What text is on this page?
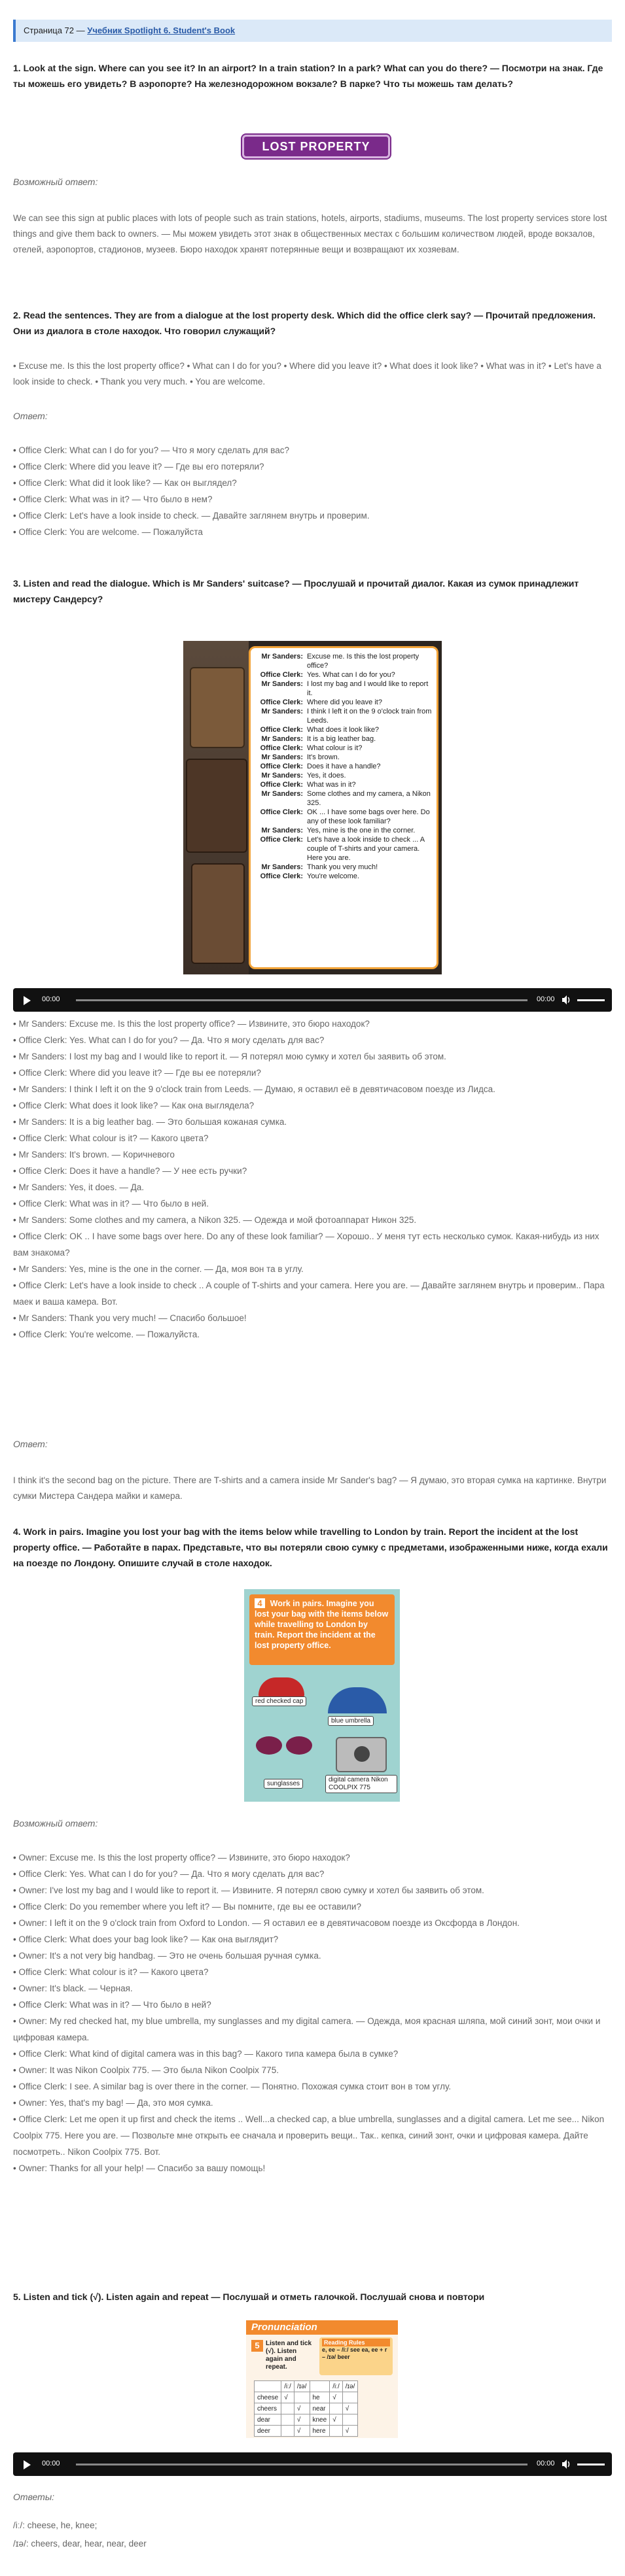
Страница 72 — Учебник Spotlight 6. Student's Book
1. Look at the sign. Where can you see it? In an airport? In a train station? In a park? What can you do there? — Посмотри на знак. Где ты можешь его увидеть? В аэропорте? На железнодорожном вокзале? В парке? Что ты можешь там делать?
LOST PROPERTY
Возможный ответ:
We can see this sign at public places with lots of people such as train stations, hotels, airports, stadiums, museums. The lost property services store lost things and give them back to owners. — Мы можем увидеть этот знак в общественных местах с большим количеством людей, вроде вокзалов, отелей, аэропортов, стадионов, музеев. Бюро находок хранят потерянные вещи и возвращают их хозяевам.
2. Read the sentences. They are from a dialogue at the lost property desk. Which did the office clerk say? — Прочитай предложения. Они из диалога в столе находок. Что говорил служащий?
• Excuse me. Is this the lost property office? • What can I do for you? • Where did you leave it? • What does it look like? • What was in it? • Let's have a look inside to check. • Thank you very much. • You are welcome.
Ответ:
• Office Clerk: What can I do for you? — Что я могу сделать для вас?
• Office Clerk: Where did you leave it? — Где вы его потеряли?
• Office Clerk: What did it look like? — Как он выглядел?
• Office Clerk: What was in it? — Что было в нем?
• Office Clerk: Let's have a look inside to check. — Давайте заглянем внутрь и проверим.
• Office Clerk: You are welcome. — Пожалуйста
3. Listen and read the dialogue. Which is Mr Sanders' suitcase? — Прослушай и прочитай диалог. Какая из сумок принадлежит мистеру Сандерсу?
Mr Sanders: Excuse me. Is this the lost property office?
Office Clerk: Yes. What can I do for you?
Mr Sanders: I lost my bag and I would like to report it.
Office Clerk: Where did you leave it?
Mr Sanders: I think I left it on the 9 o'clock train from Leeds.
Office Clerk: What does it look like?
Mr Sanders: It is a big leather bag.
Office Clerk: What colour is it?
Mr Sanders: It's brown.
Office Clerk: Does it have a handle?
Mr Sanders: Yes, it does.
Office Clerk: What was in it?
Mr Sanders: Some clothes and my camera, a Nikon 325.
Office Clerk: OK ... I have some bags over here. Do any of these look familiar?
Mr Sanders: Yes, mine is the one in the corner.
Office Clerk: Let's have a look inside to check ... A couple of T-shirts and your camera. Here you are.
Mr Sanders: Thank you very much!
Office Clerk: You're welcome.
00:00	00:00
• Mr Sanders: Excuse me. Is this the lost property office? — Извините, это бюро находок?
• Office Clerk: Yes. What can I do for you? — Да. Что я могу сделать для вас?
• Mr Sanders: I lost my bag and I would like to report it. — Я потерял мою сумку и хотел бы заявить об этом.
• Office Clerk: Where did you leave it? — Где вы ее потеряли?
• Mr Sanders: I think I left it on the 9 o'clock train from Leeds. — Думаю, я оставил её в девятичасовом поезде из Лидса.
• Office Clerk: What does it look like? — Как она выглядела?
• Mr Sanders: It is a big leather bag. — Это большая кожаная сумка.
• Office Clerk: What colour is it? — Какого цвета?
• Mr Sanders: It's brown. — Коричневого
• Office Clerk: Does it have a handle? — У нее есть ручки?
• Mr Sanders: Yes, it does. — Да.
• Office Clerk: What was in it? — Что было в ней.
• Mr Sanders: Some clothes and my camera, a Nikon 325. — Одежда и мой фотоаппарат Никон 325.
• Office Clerk: OK .. I have some bags over here. Do any of these look familiar? — Хорошо.. У меня тут есть несколько сумок. Какая-нибудь из них вам знакома?
• Mr Sanders: Yes, mine is the one in the corner. — Да, моя вон та в углу.
• Office Clerk: Let's have a look inside to check .. A couple of T-shirts and your camera. Here you are. — Давайте заглянем внутрь и проверим.. Пара маек и ваша камера. Вот.
• Mr Sanders: Thank you very much! — Спасибо большое!
• Office Clerk: You're welcome. — Пожалуйста.
Ответ:
I think it's the second bag on the picture. There are T-shirts and a camera inside Mr Sander's bag? — Я думаю, это вторая сумка на картинке. Внутри сумки Мистера Сандера майки и камера.
4. Work in pairs. Imagine you lost your bag with the items below while travelling to London by train. Report the incident at the lost property office. — Работайте в парах. Представьте, что вы потеряли свою сумку с предметами, изображенными ниже, когда ехали на поезде по Лондону. Опишите случай в столе находок.
4 Work in pairs. Imagine you lost your bag with the items below while travelling to London by train. Report the incident at the lost property office.
red checked cap
blue umbrella
sunglasses
digital camera Nikon COOLPIX 775
Возможный ответ:
• Owner: Excuse me. Is this the lost property office? — Извините, это бюро находок?
• Office Clerk: Yes. What can I do for you? — Да. Что я могу сделать для вас?
• Owner: I've lost my bag and I would like to report it. — Извините. Я потерял свою сумку и хотел бы заявить об этом.
• Office Clerk: Do you remember where you left it? — Вы помните, где вы ее оставили?
• Owner: I left it on the 9 o'clock train from Oxford to London. — Я оставил ее в девятичасовом поезде из Оксфорда в Лондон.
• Office Clerk: What does your bag look like? — Как она выглядит?
• Owner: It's a not very big handbag. — Это не очень большая ручная сумка.
• Office Clerk: What colour is it? — Какого цвета?
• Owner: It's black. — Черная.
• Office Clerk: What was in it? — Что было в ней?
• Owner: My red checked hat, my blue umbrella, my sunglasses and my digital camera. — Одежда, моя красная шляпа, мой синий зонт, мои очки и цифровая камера.
• Office Clerk: What kind of digital camera was in this bag? — Какого типа камера была в сумке?
• Owner: It was Nikon Coolpix 775. — Это была Nikon Coolpix 775.
• Office Clerk: I see. A similar bag is over there in the corner. — Понятно. Похожая сумка стоит вон в том углу.
• Owner: Yes, that's my bag! — Да, это моя сумка.
• Office Clerk: Let me open it up first and check the items .. Well...a checked cap, a blue umbrella, sunglasses and a digital camera. Let me see... Nikon Coolpix 775. Here you are. — Позвольте мне открыть ее сначала и проверить вещи.. Так.. кепка, синий зонт, очки и цифровая камера. Дайте посмотреть.. Nikon Coolpix 775. Вот.
• Owner: Thanks for all your help! — Спасибо за вашу помощь!
5. Listen and tick (√). Listen again and repeat — Послушай и отметь галочкой. Послушай снова и повтори
Pronunciation
5 Listen and tick (√). Listen again and repeat.
Reading Rules
e, ee – /iː/ see ea, ee + r – /ɪə/ beer
	/iː/	/ɪə/		/iː/	/ɪə/
cheese	√		he	√	
cheers		√	near		√
dear		√	knee	√	
deer		√	here		√
00:00	00:00
Ответы:
/iː/: cheese, he, knee;
/ɪə/: cheers, dear, hear, near, deer
